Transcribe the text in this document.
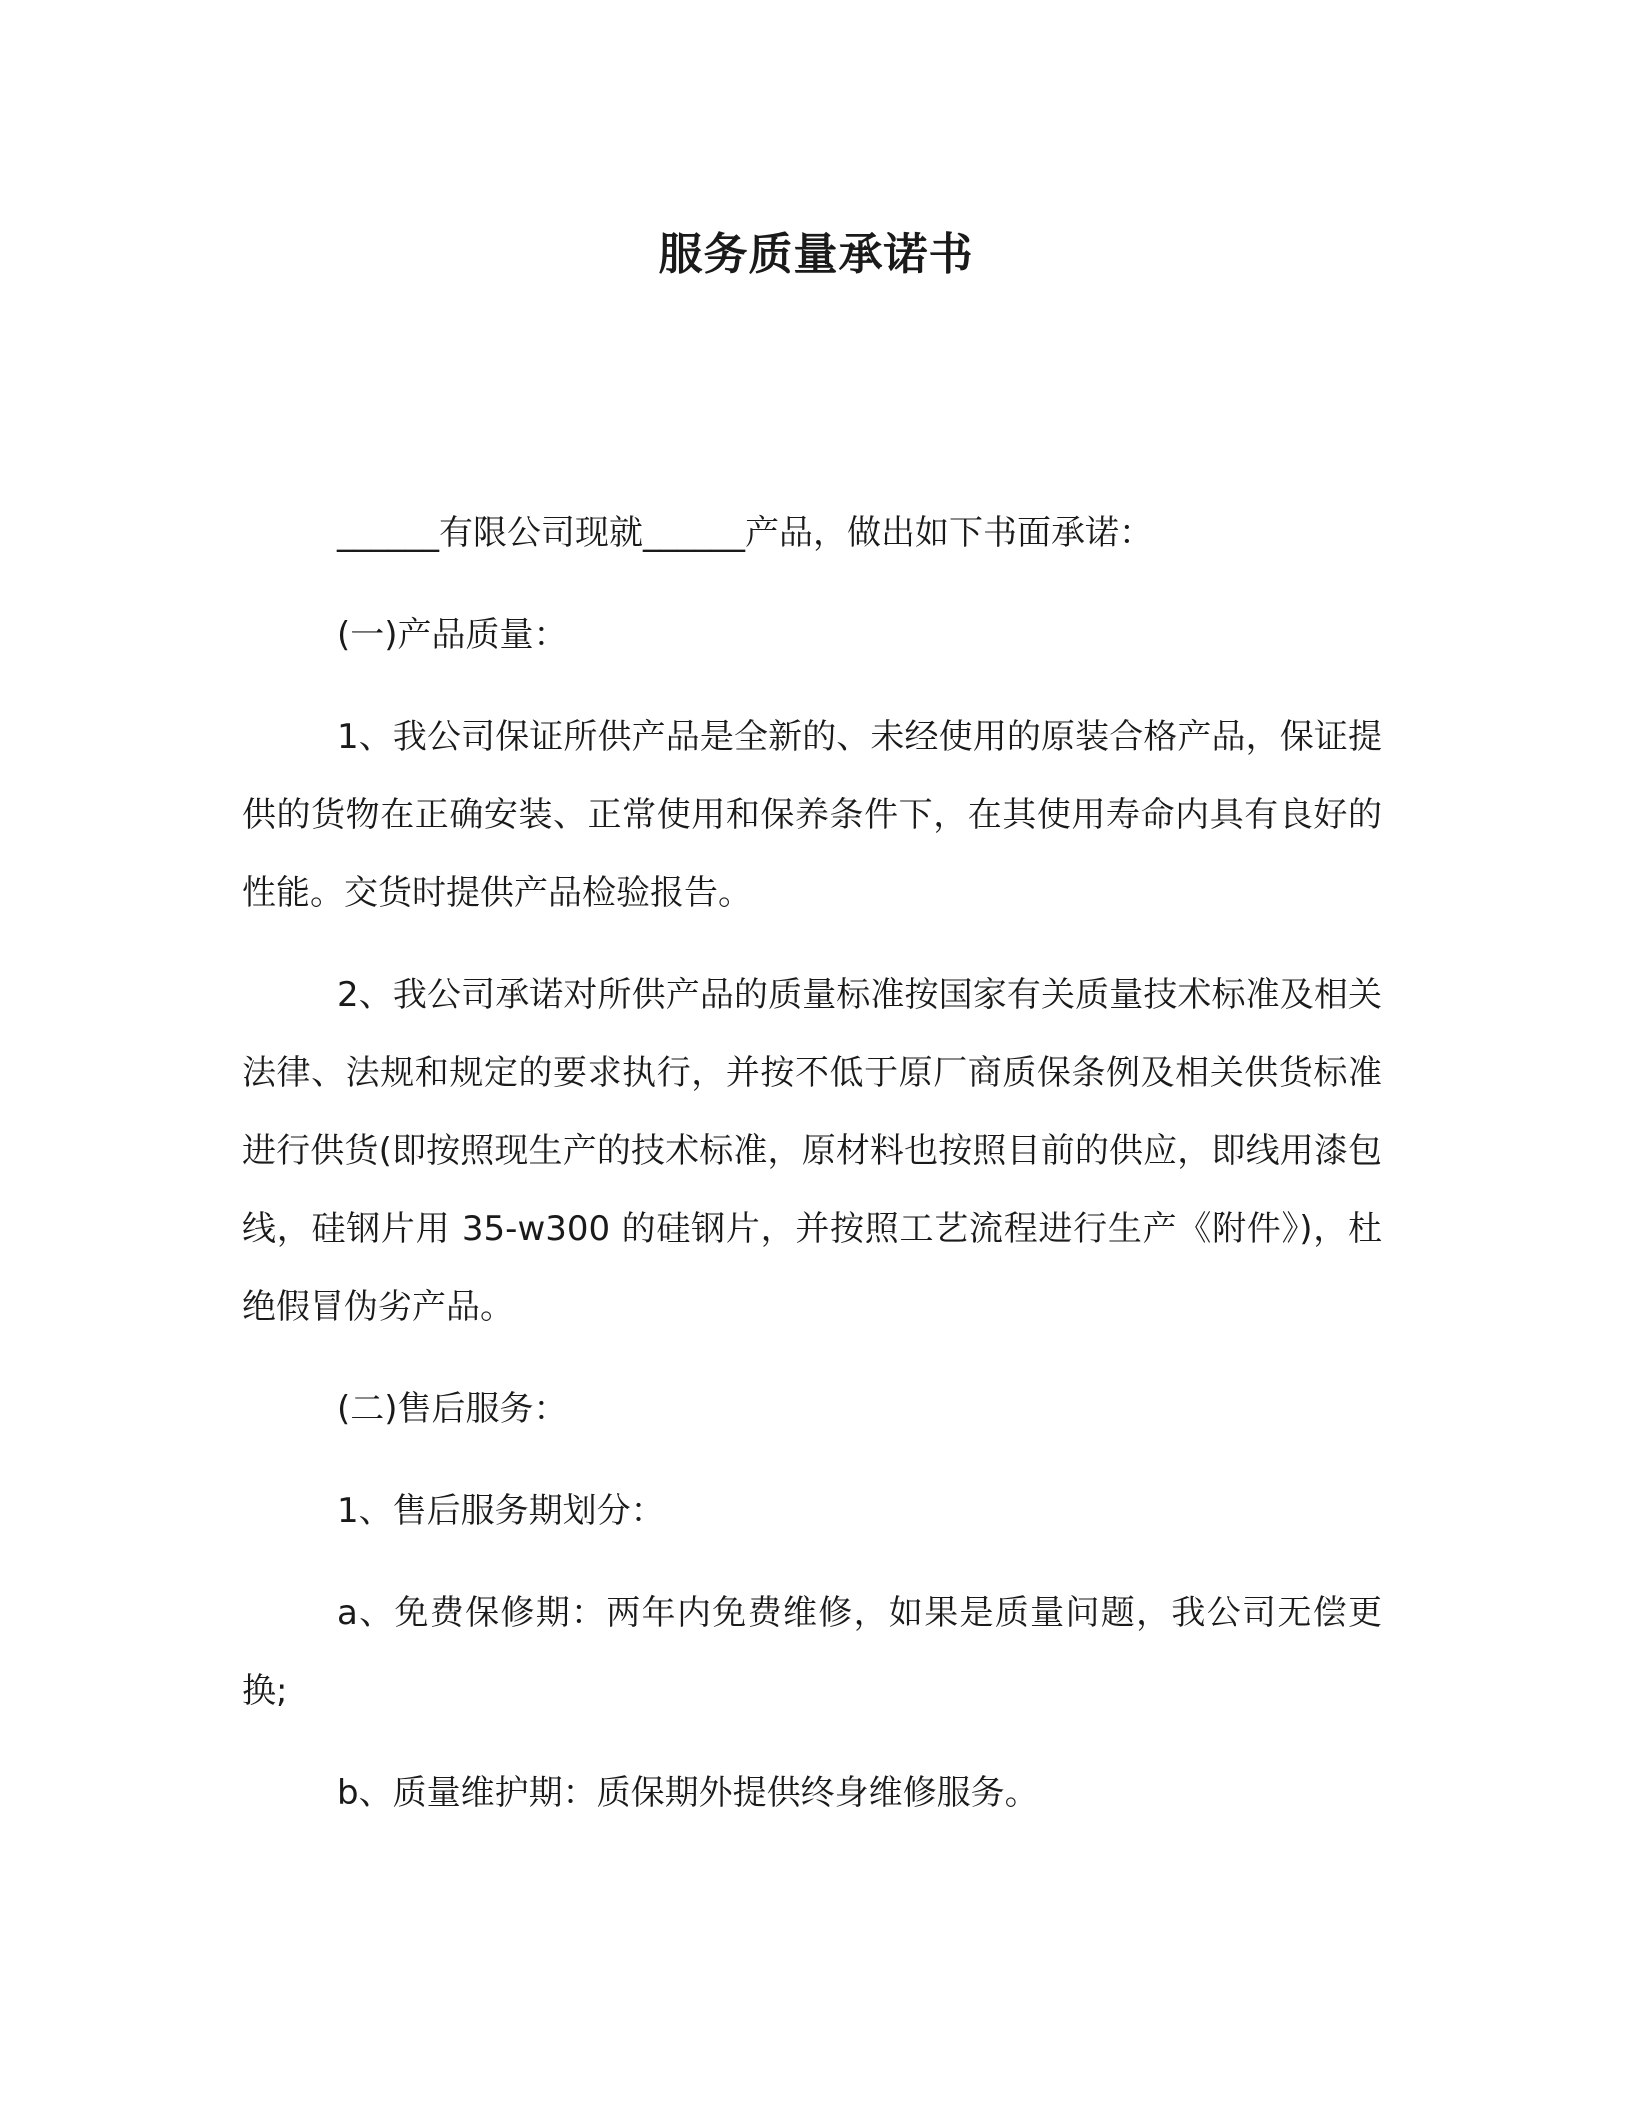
服务质量承诺书

______有限公司现就______产品，做出如下书面承诺：

(一)产品质量：

1、我公司保证所供产品是全新的、未经使用的原装合格产品，保证提供的货物在正确安装、正常使用和保养条件下，在其使用寿命内具有良好的性能。交货时提供产品检验报告。

2、我公司承诺对所供产品的质量标准按国家有关质量技术标准及相关法律、法规和规定的要求执行，并按不低于原厂商质保条例及相关供货标准进行供货(即按照现生产的技术标准，原材料也按照目前的供应，即线用漆包线，硅钢片用 35-w300 的硅钢片，并按照工艺流程进行生产《附件》)，杜绝假冒伪劣产品。

(二)售后服务：

1、售后服务期划分：

a、免费保修期：两年内免费维修，如果是质量问题，我公司无偿更换;

b、质量维护期：质保期外提供终身维修服务。
